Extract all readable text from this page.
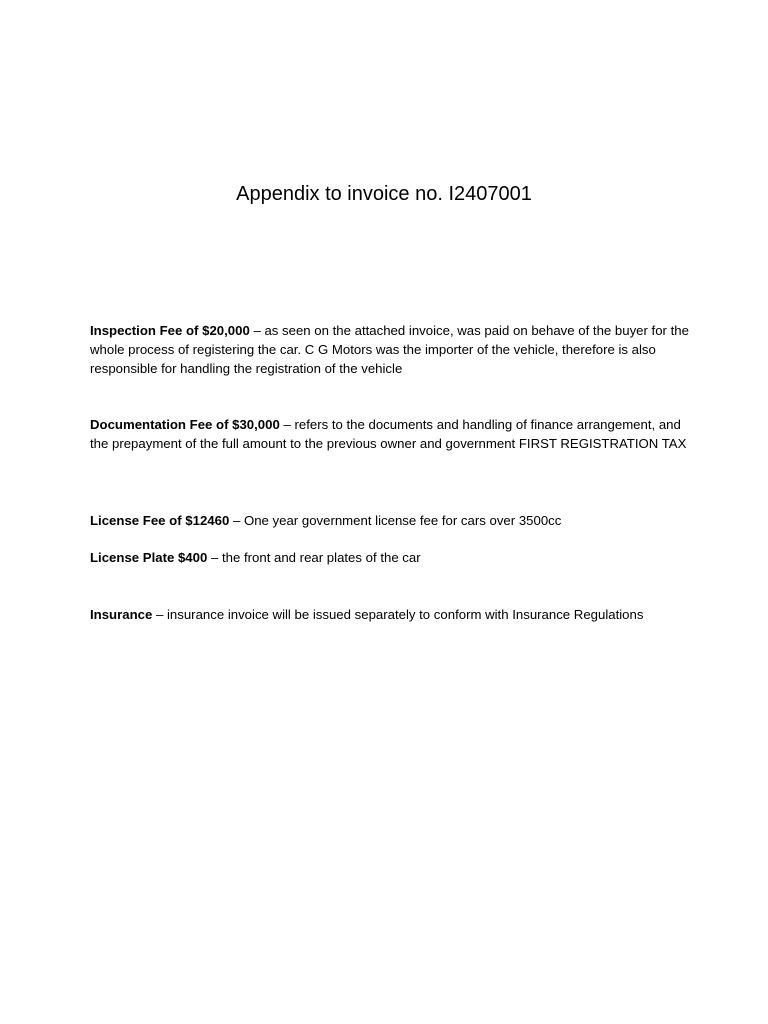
Appendix to invoice no. I2407001

Inspection Fee of $20,000 – as seen on the attached invoice, was paid on behave of the buyer for the whole process of registering the car. C G Motors was the importer of the vehicle, therefore is also responsible for handling the registration of the vehicle

Documentation Fee of $30,000 – refers to the documents and handling of finance arrangement, and the prepayment of the full amount to the previous owner and government FIRST REGISTRATION TAX

License Fee of $12460 – One year government license fee for cars over 3500cc

License Plate $400 – the front and rear plates of the car

Insurance – insurance invoice will be issued separately to conform with Insurance Regulations
